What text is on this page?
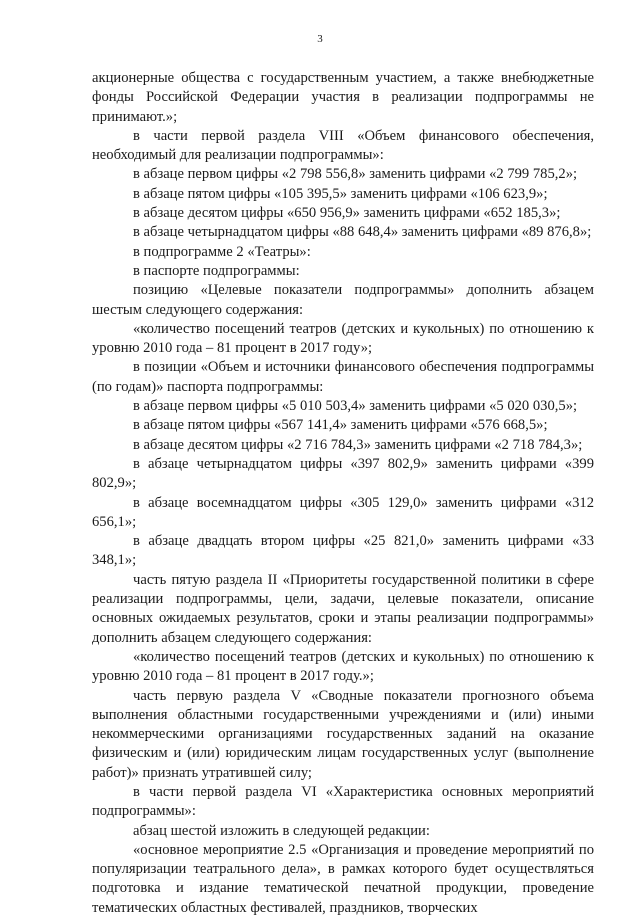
3

акционерные общества с государственным участием, а также внебюджетные фонды Российской Федерации участия в реализации подпрограммы не принимают.»;

в части первой раздела VIII «Объем финансового обеспечения, необходимый для реализации подпрограммы»:

в абзаце первом цифры «2 798 556,8» заменить цифрами «2 799 785,2»;

в абзаце пятом цифры «105 395,5» заменить цифрами «106 623,9»;

в абзаце десятом цифры «650 956,9» заменить цифрами «652 185,3»;

в абзаце четырнадцатом цифры «88 648,4» заменить цифрами «89 876,8»;

в подпрограмме 2 «Театры»:

в паспорте подпрограммы:

позицию «Целевые показатели подпрограммы» дополнить абзацем шестым следующего содержания:

«количество посещений театров (детских и кукольных) по отношению к уровню 2010 года – 81 процент в 2017 году»;

в позиции «Объем и источники финансового обеспечения подпрограммы (по годам)» паспорта подпрограммы:

в абзаце первом цифры «5 010 503,4» заменить цифрами «5 020 030,5»;

в абзаце пятом цифры «567 141,4» заменить цифрами «576 668,5»;

в абзаце десятом цифры «2 716 784,3» заменить цифрами «2 718 784,3»;

в абзаце четырнадцатом цифры «397 802,9» заменить цифрами «399 802,9»;

в абзаце восемнадцатом цифры «305 129,0» заменить цифрами «312 656,1»;

в абзаце двадцать втором цифры «25 821,0» заменить цифрами «33 348,1»;

часть пятую раздела II «Приоритеты государственной политики в сфере реализации подпрограммы, цели, задачи, целевые показатели, описание основных ожидаемых результатов, сроки и этапы реализации подпрограммы» дополнить абзацем следующего содержания:

«количество посещений театров (детских и кукольных) по отношению к уровню 2010 года – 81 процент в 2017 году.»;

часть первую раздела V «Сводные показатели прогнозного объема выполнения областными государственными учреждениями и (или) иными некоммерческими организациями государственных заданий на оказание физическим и (или) юридическим лицам государственных услуг (выполнение работ)» признать утратившей силу;

в части первой раздела VI «Характеристика основных мероприятий подпрограммы»:

абзац шестой изложить в следующей редакции:

«основное мероприятие 2.5 «Организация и проведение мероприятий по популяризации театрального дела», в рамках которого будет осуществляться подготовка и издание тематической печатной продукции, проведение тематических областных фестивалей, праздников, творческих
